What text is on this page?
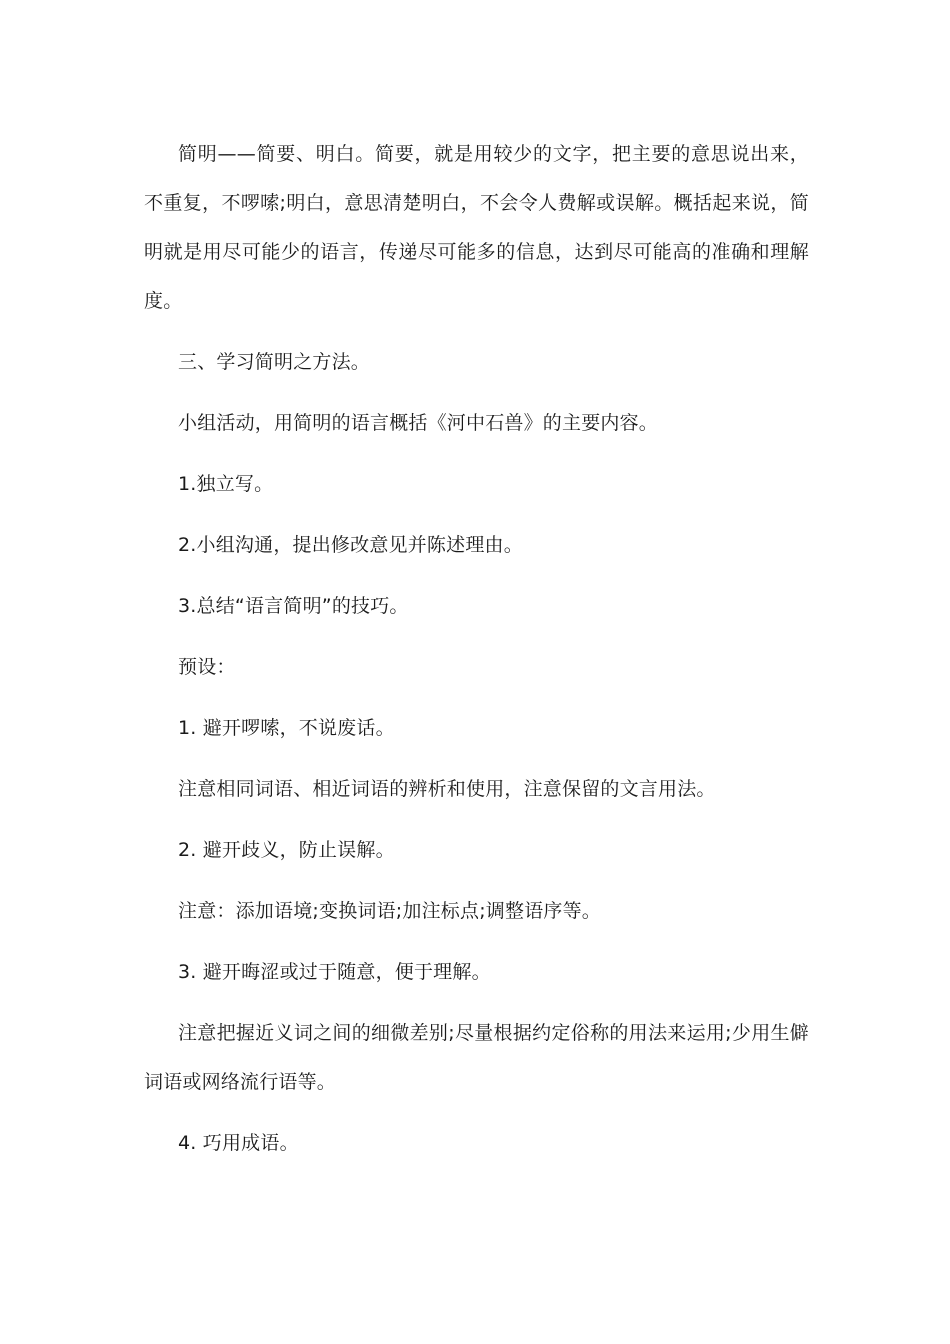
简明——简要、明白。简要，就是用较少的文字，把主要的意思说出来，不重复，不啰嗦;明白，意思清楚明白，不会令人费解或误解。概括起来说，简明就是用尽可能少的语言，传递尽可能多的信息，达到尽可能高的准确和理解度。

三、学习简明之方法。

小组活动，用简明的语言概括《河中石兽》的主要内容。

1.独立写。

2.小组沟通，提出修改意见并陈述理由。

3.总结“语言简明”的技巧。

预设：

1. 避开啰嗦，不说废话。

注意相同词语、相近词语的辨析和使用，注意保留的文言用法。

2. 避开歧义，防止误解。

注意：添加语境;变换词语;加注标点;调整语序等。

3. 避开晦涩或过于随意，便于理解。

注意把握近义词之间的细微差别;尽量根据约定俗称的用法来运用;少用生僻词语或网络流行语等。

4. 巧用成语。
